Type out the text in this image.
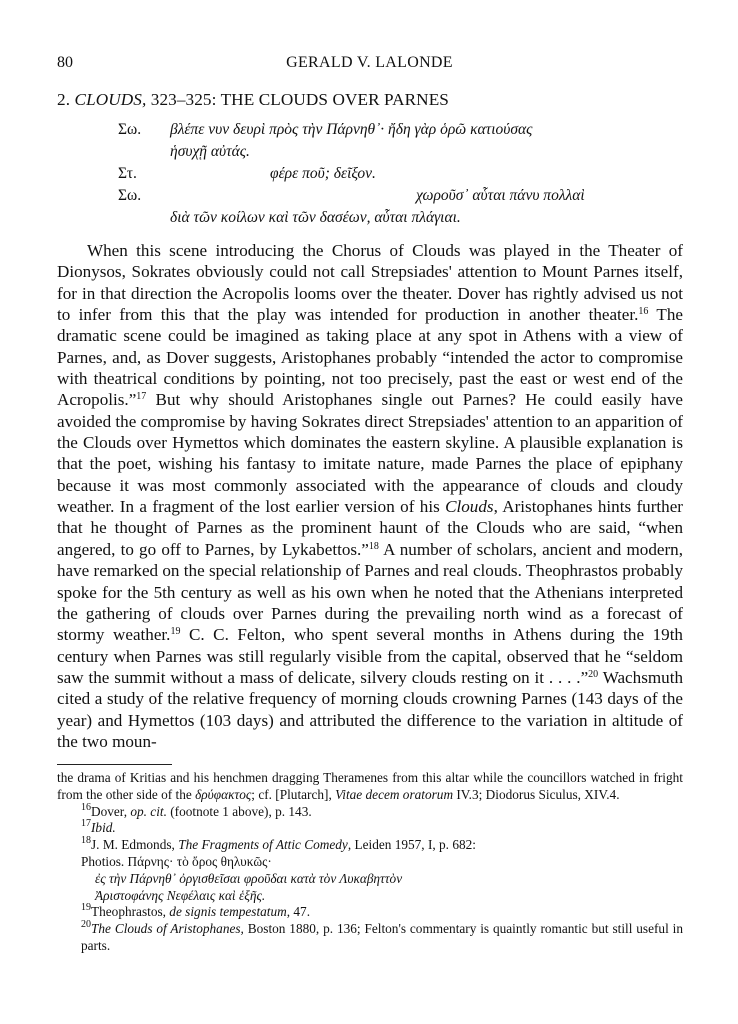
80	GERALD V. LALONDE
2. CLOUDS, 323–325: THE CLOUDS OVER PARNES
Σω. βλέπε νυν δευρὶ πρὸς τὴν Πάρνηθ᾽· ἤδη γὰρ ὁρῶ κατιούσας
ἡσυχῇ αὐτάς.
Στ.	φέρε ποῦ; δεῖξον.
Σω.	χωροῦσ᾽ αὗται πάνυ πολλαὶ
διὰ τῶν κοίλων καὶ τῶν δασέων, αὗται πλάγιαι.

When this scene introducing the Chorus of Clouds was played in the Theater of Dionysos, Sokrates obviously could not call Strepsiades' attention to Mount Parnes itself, for in that direction the Acropolis looms over the theater. Dover has rightly advised us not to infer from this that the play was intended for production in another theater.$^{16}$ The dramatic scene could be imagined as taking place at any spot in Athens with a view of Parnes, and, as Dover suggests, Aristophanes probably “intended the actor to compromise with theatrical conditions by pointing, not too precisely, past the east or west end of the Acropolis.”$^{17}$ But why should Aristophanes single out Parnes? He could easily have avoided the compromise by having Sokrates direct Strepsiades' attention to an apparition of the Clouds over Hymettos which dominates the eastern skyline. A plausible explanation is that the poet, wishing his fantasy to imitate nature, made Parnes the place of epiphany because it was most commonly associated with the appearance of clouds and cloudy weather. In a fragment of the lost earlier version of his Clouds, Aristophanes hints further that he thought of Parnes as the prominent haunt of the Clouds who are said, “when angered, to go off to Parnes, by Lykabettos.”$^{18}$ A number of scholars, ancient and modern, have remarked on the special relationship of Parnes and real clouds. Theophrastos probably spoke for the 5th century as well as his own when he noted that the Athenians interpreted the gathering of clouds over Parnes during the prevailing north wind as a forecast of stormy weather.$^{19}$ C. C. Felton, who spent several months in Athens during the 19th century when Parnes was still regularly visible from the capital, observed that he “seldom saw the summit without a mass of delicate, silvery clouds resting on it . . . .”$^{20}$ Wachsmuth cited a study of the relative frequency of morning clouds crowning Parnes (143 days of the year) and Hymettos (103 days) and attributed the difference to the variation in altitude of the two moun-

the drama of Kritias and his henchmen dragging Theramenes from this altar while the councillors watched in fright from the other side of the δρύφακτος; cf. [Plutarch], Vitae decem oratorum IV.3; Diodorus Siculus, XIV.4.
$^{16}$Dover, op. cit. (footnote 1 above), p. 143.
$^{17}$Ibid.
$^{18}$J. M. Edmonds, The Fragments of Attic Comedy, Leiden 1957, I, p. 682:
Photios. Πάρνης· τὸ ὄρος θηλυκῶς·
ἐς τὴν Πάρνηθ᾽ ὀργισθεῖσαι φροῦδαι κατὰ τὸν Λυκαβηττὸν
Ἀριστοφάνης Νεφέλαις καὶ ἑξῆς.
$^{19}$Theophrastos, de signis tempestatum, 47.
$^{20}$The Clouds of Aristophanes, Boston 1880, p. 136; Felton's commentary is quaintly romantic but still useful in parts.
